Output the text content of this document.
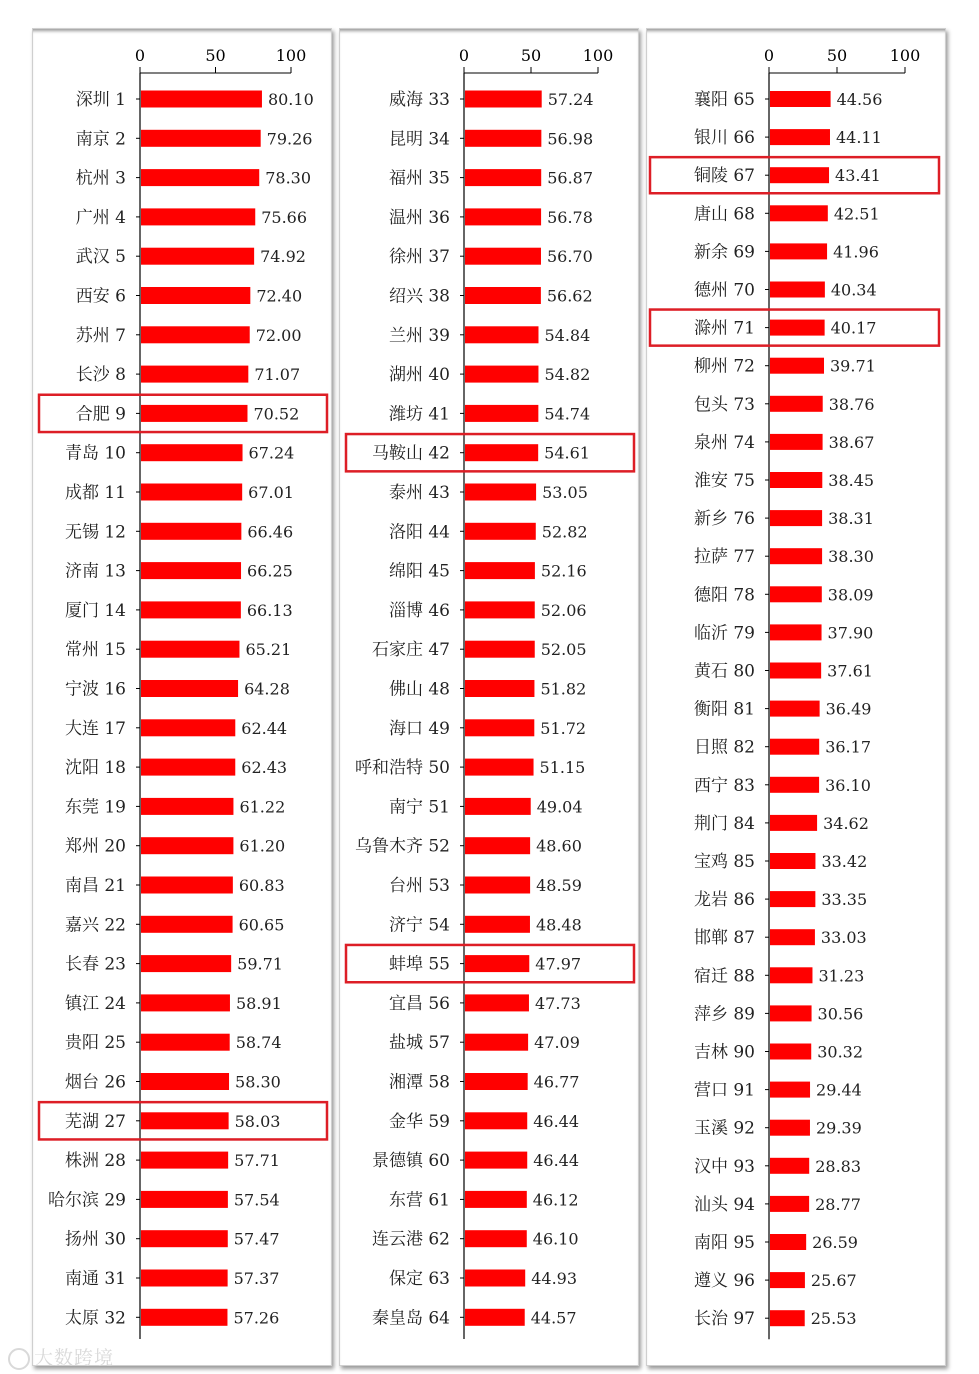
0	50	100
深圳 1	80.10
南京 2	79.26
杭州 3	78.30
广州 4	75.66
武汉 5	74.92
西安 6	72.40
苏州 7	72.00
长沙 8	71.07
合肥 9	70.52
青岛 10	67.24
成都 11	67.01
无锡 12	66.46
济南 13	66.25
厦门 14	66.13
常州 15	65.21
宁波 16	64.28
大连 17	62.44
沈阳 18	62.43
东莞 19	61.22
郑州 20	61.20
南昌 21	60.83
嘉兴 22	60.65
长春 23	59.71
镇江 24	58.91
贵阳 25	58.74
烟台 26	58.30
芜湖 27	58.03
株洲 28	57.71
哈尔滨 29	57.54
扬州 30	57.47
南通 31	57.37
太原 32	57.26
0	50	100
威海 33	57.24
昆明 34	56.98
福州 35	56.87
温州 36	56.78
徐州 37	56.70
绍兴 38	56.62
兰州 39	54.84
湖州 40	54.82
潍坊 41	54.74
马鞍山 42	54.61
泰州 43	53.05
洛阳 44	52.82
绵阳 45	52.16
淄博 46	52.06
石家庄 47	52.05
佛山 48	51.82
海口 49	51.72
呼和浩特 50	51.15
南宁 51	49.04
乌鲁木齐 52	48.60
台州 53	48.59
济宁 54	48.48
蚌埠 55	47.97
宜昌 56	47.73
盐城 57	47.09
湘潭 58	46.77
金华 59	46.44
景德镇 60	46.44
东营 61	46.12
连云港 62	46.10
保定 63	44.93
秦皇岛 64	44.57
0	50	100
襄阳 65	44.56
银川 66	44.11
铜陵 67	43.41
唐山 68	42.51
新余 69	41.96
德州 70	40.34
滁州 71	40.17
柳州 72	39.71
包头 73	38.76
泉州 74	38.67
淮安 75	38.45
新乡 76	38.31
拉萨 77	38.30
德阳 78	38.09
临沂 79	37.90
黄石 80	37.61
衡阳 81	36.49
日照 82	36.17
西宁 83	36.10
荆门 84	34.62
宝鸡 85	33.42
龙岩 86	33.35
邯郸 87	33.03
宿迁 88	31.23
萍乡 89	30.56
吉林 90	30.32
营口 91	29.44
玉溪 92	29.39
汉中 93	28.83
汕头 94	28.77
南阳 95	26.59
遵义 96	25.67
长治 97	25.53
大数跨境
